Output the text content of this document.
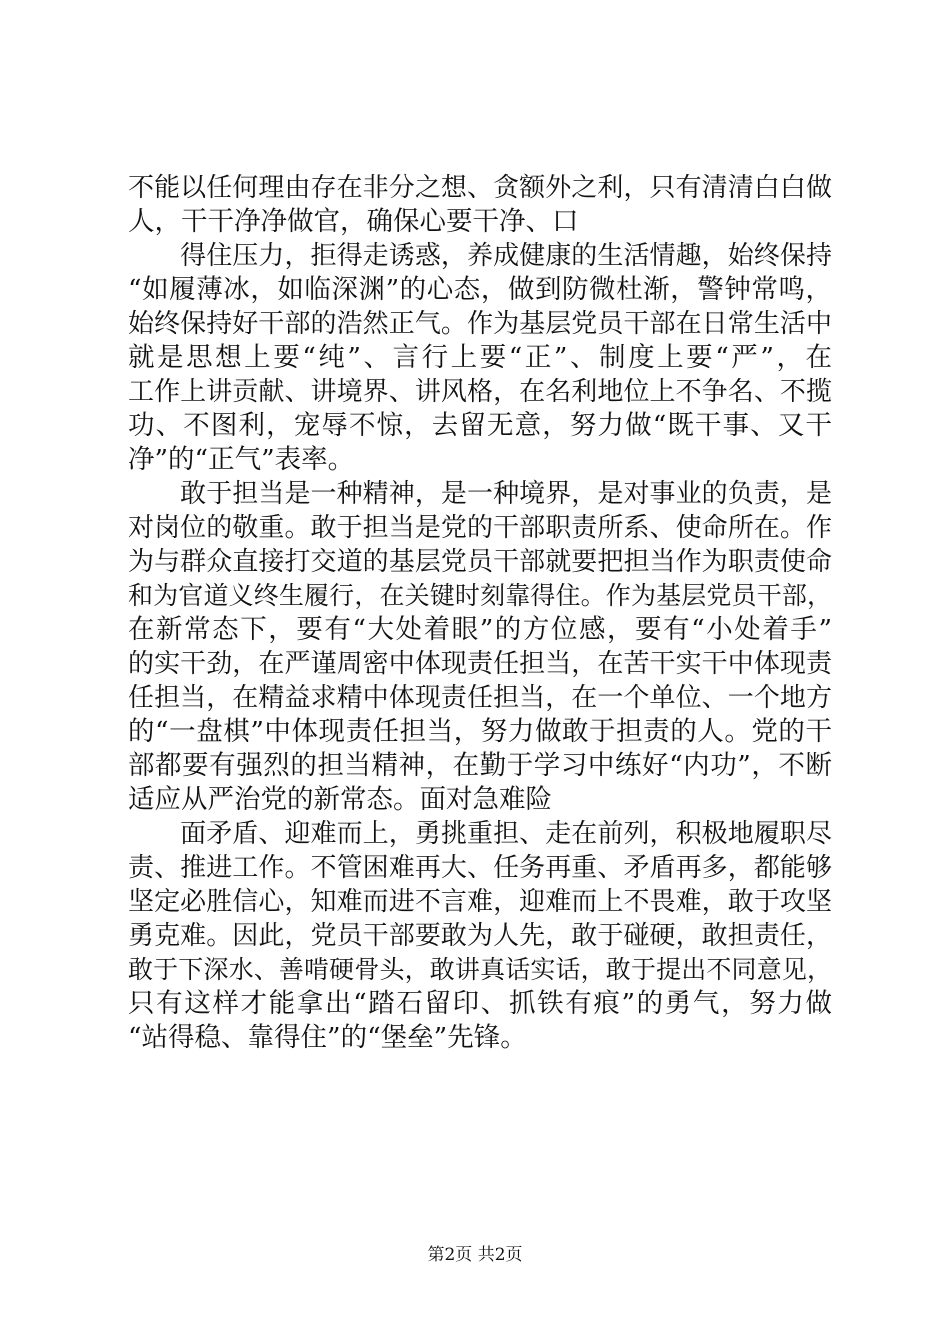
不能以任何理由存在非分之想、贪额外之利，只有清清白白做
人，干干净净做官，确保心要干净、口
　　得住压力，拒得走诱惑，养成健康的生活情趣，始终保持
“如履薄冰，如临深渊”的心态，做到防微杜渐，警钟常鸣，
始终保持好干部的浩然正气。作为基层党员干部在日常生活中
就是思想上要“纯”、言行上要“正”、制度上要“严”，在
工作上讲贡献、讲境界、讲风格，在名利地位上不争名、不揽
功、不图利，宠辱不惊，去留无意，努力做“既干事、又干
净”的“正气”表率。
　　敢于担当是一种精神，是一种境界，是对事业的负责，是
对岗位的敬重。敢于担当是党的干部职责所系、使命所在。作
为与群众直接打交道的基层党员干部就要把担当作为职责使命
和为官道义终生履行，在关键时刻靠得住。作为基层党员干部，
在新常态下，要有“大处着眼”的方位感，要有“小处着手”
的实干劲，在严谨周密中体现责任担当，在苦干实干中体现责
任担当，在精益求精中体现责任担当，在一个单位、一个地方
的“一盘棋”中体现责任担当，努力做敢于担责的人。党的干
部都要有强烈的担当精神，在勤于学习中练好“内功”，不断
适应从严治党的新常态。面对急难险
　　面矛盾、迎难而上，勇挑重担、走在前列，积极地履职尽
责、推进工作。不管困难再大、任务再重、矛盾再多，都能够
坚定必胜信心，知难而进不言难，迎难而上不畏难，敢于攻坚
勇克难。因此，党员干部要敢为人先，敢于碰硬，敢担责任，
敢于下深水、善啃硬骨头，敢讲真话实话，敢于提出不同意见，
只有这样才能拿出“踏石留印、抓铁有痕”的勇气，努力做
“站得稳、靠得住”的“堡垒”先锋。
第2页 共2页
